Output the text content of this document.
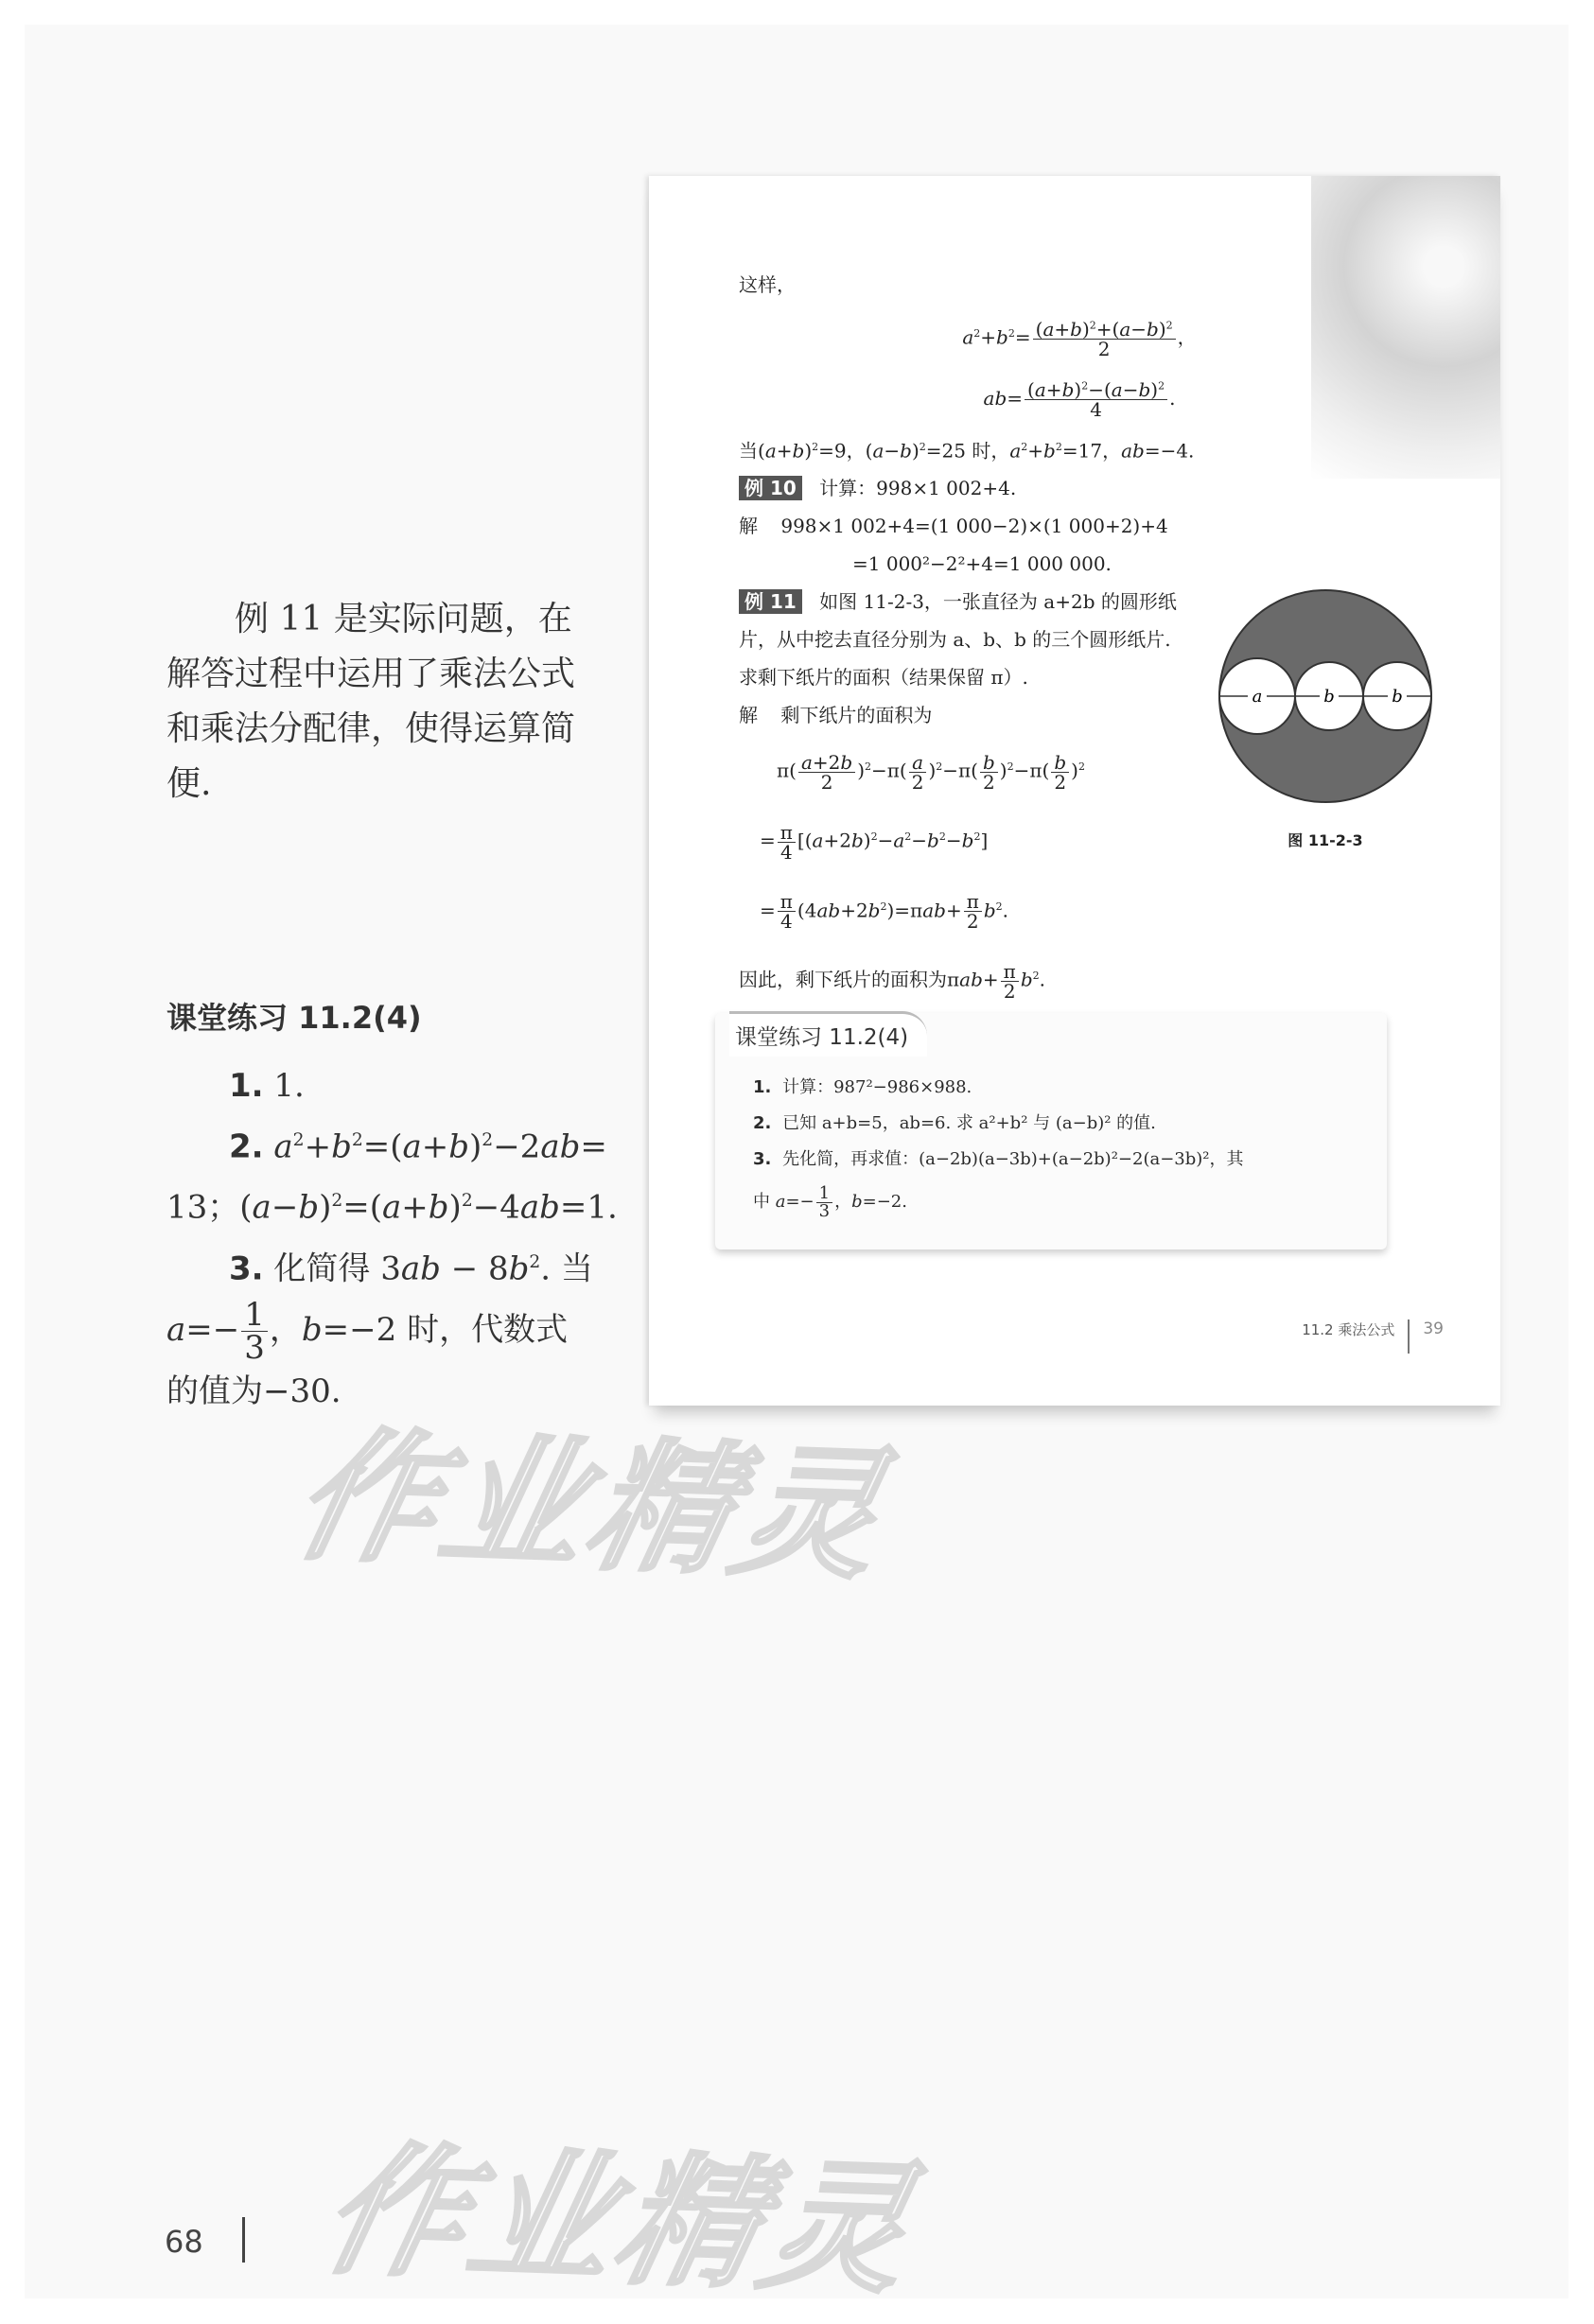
例 11 是实际问题，在解答过程中运用了乘法公式和乘法分配律，使得运算简便.

课堂练习 11.2(4)
1. 1.
2. $a^2+b^2=(a+b)^2-2ab=$
13；$(a-b)^2=(a+b)^2-4ab=1$.
3. 化简得 $3ab - 8b^2$. 当
$a=- \frac{1}{3}$ ，b=−2 时，代数式
的值为−30.
作业精灵
作业精灵
68
这样，
$a^2+b^2= \frac{(a+b)^2+(a-b)^2}{2}$ ，
$ab= \frac{(a+b)^2-(a-b)^2}{4}$ .
当$(a+b)^2=9$，$(a-b)^2=25$ 时，$a^2+b^2=17$，ab=−4.
例 10 计算：998×1 002+4.
解 998×1 002+4=(1 000−2)×(1 000+2)+4
=1 000²−2²+4=1 000 000.
例 11 如图 11-2-3，一张直径为 a+2b 的圆形纸片，从中挖去直径分别为 a、b、b 的三个圆形纸片. 求剩下纸片的面积（结果保留 π）.
解 剩下纸片的面积为
$\pi( \frac{a+2b}{2} )^2-\pi( \frac{a}{2} )^2-\pi( \frac{b}{2} )^2-\pi( \frac{b}{2} )^2$
= $\frac{\pi}{4} [(a+2b)^2-a^2-b^2-b^2]$
= $\frac{\pi}{4} (4ab+2b^2)=\pi ab+ \frac{\pi}{2} b^2$.
因此，剩下纸片的面积为$\pi ab+ \frac{\pi}{2} b^2$.
a	b	b
图 11-2-3
课堂练习 11.2(4)
1. 计算：987²−986×988.
2. 已知 a+b=5，ab=6. 求 a²+b² 与 (a−b)² 的值.
3. 先化简，再求值：(a−2b)(a−3b)+(a−2b)²−2(a−3b)²，其
中 $a=- \frac{1}{3}$ ，b=−2.
11.2 乘法公式	39
